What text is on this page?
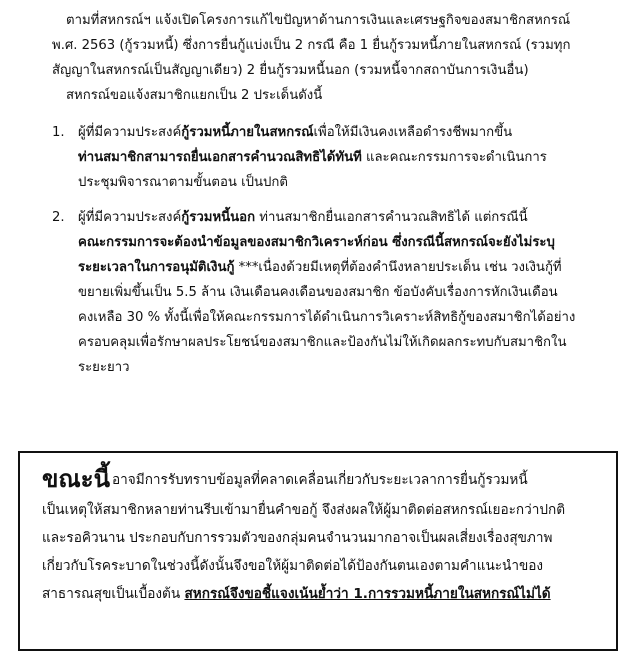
ตามที่สหกรณ์ฯ แจ้งเปิดโครงการแก้ไขปัญหาด้านการเงินและเศรษฐกิจของสมาชิกสหกรณ์
พ.ศ. 2563 (กู้รวมหนี้) ซึ่งการยื่นกู้แบ่งเป็น 2 กรณี คือ 1 ยื่นกู้รวมหนี้ภายในสหกรณ์ (รวมทุก
สัญญาในสหกรณ์เป็นสัญญาเดียว) 2 ยื่นกู้รวมหนี้นอก (รวมหนี้จากสถาบันการเงินอื่น)
สหกรณ์ขอแจ้งสมาชิกแยกเป็น 2 ประเด็นดังนี้
1. ผู้ที่มีความประสงค์กู้รวมหนี้ภายในสหกรณ์เพื่อให้มีเงินคงเหลือดำรงชีพมากขึ้น
ท่านสมาชิกสามารถยื่นเอกสารคำนวณสิทธิได้ทันที และคณะกรรมการจะดำเนินการ
ประชุมพิจารณาตามขั้นตอน เป็นปกติ
2. ผู้ที่มีความประสงค์กู้รวมหนี้นอก ท่านสมาชิกยื่นเอกสารคำนวณสิทธิได้ แต่กรณีนี้
คณะกรรมการจะต้องนำข้อมูลของสมาชิกวิเคราะห์ก่อน ซึ่งกรณีนี้สหกรณ์จะยังไม่ระบุ
ระยะเวลาในการอนุมัติเงินกู้ ***เนื่องด้วยมีเหตุที่ต้องคำนึงหลายประเด็น เช่น วงเงินกู้ที่
ขยายเพิ่มขึ้นเป็น 5.5 ล้าน เงินเดือนคงเดือนของสมาชิก ข้อบังคับเรื่องการหักเงินเดือน
คงเหลือ 30 % ทั้งนี้เพื่อให้คณะกรรมการได้ดำเนินการวิเคราะห์สิทธิกู้ของสมาชิกได้อย่าง
ครอบคลุมเพื่อรักษาผลประโยชน์ของสมาชิกและป้องกันไม่ให้เกิดผลกระทบกับสมาชิกใน
ระยะยาว
ขณะนี้ อาจมีการรับทราบข้อมูลที่คลาดเคลื่อนเกี่ยวกับระยะเวลาการยื่นกู้รวมหนี้
เป็นเหตุให้สมาชิกหลายท่านรีบเข้ามายื่นคำขอกู้ จึงส่งผลให้ผู้มาติดต่อสหกรณ์เยอะกว่าปกติ
และรอคิวนาน ประกอบกับการรวมตัวของกลุ่มคนจำนวนมากอาจเป็นผลเสี่ยงเรื่องสุขภาพ
เกี่ยวกับโรคระบาดในช่วงนี้ดังนั้นจึงขอให้ผู้มาติดต่อได้ป้องกันตนเองตามคำแนะนำของ
สาธารณสุขเป็นเบื้องต้น สหกรณ์จึงขอชี้แจงเน้นย้ำว่า 1.การรวมหนี้ภายในสหกรณ์ไม่ได้
